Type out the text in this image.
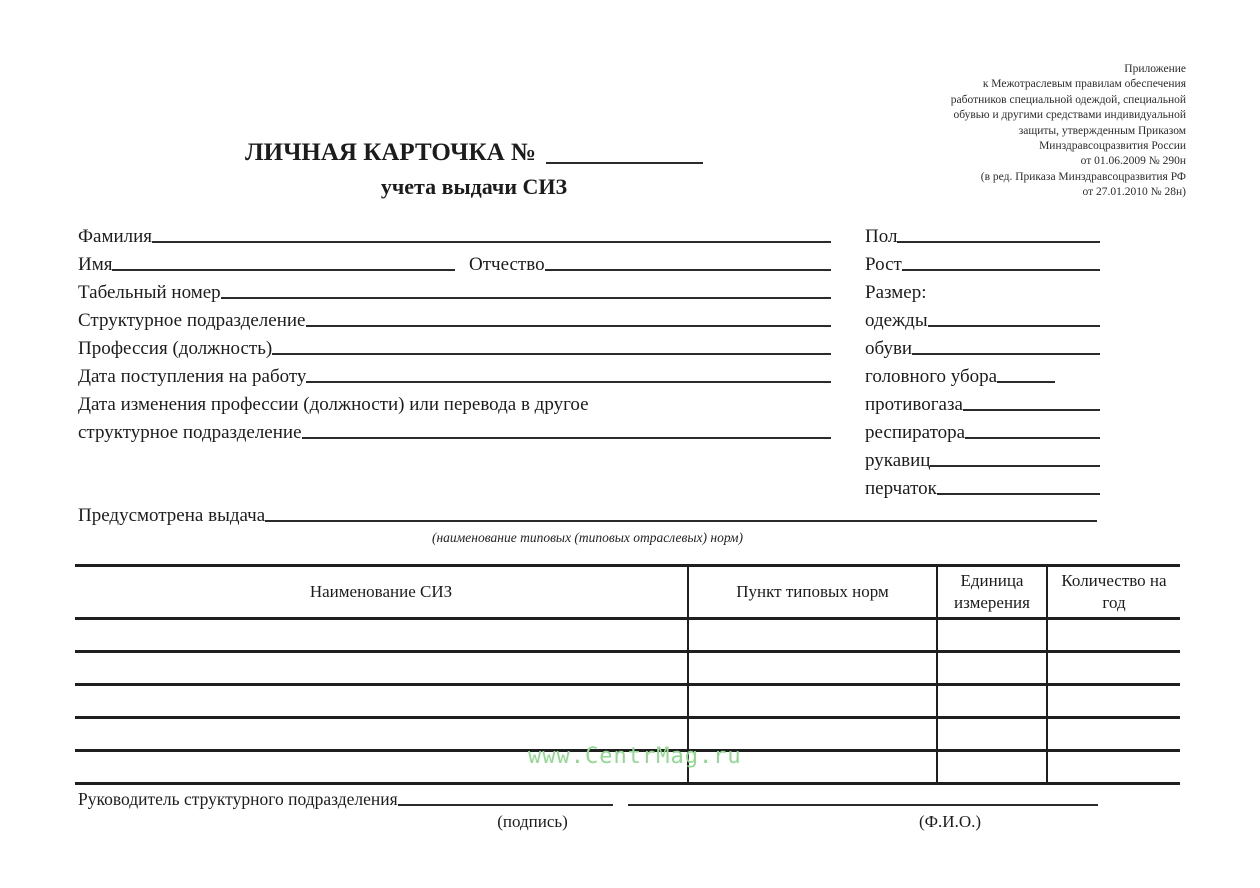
Приложение
к Межотраслевым правилам обеспечения
работников специальной одеждой, специальной
обувью и другими средствами индивидуальной
защиты, утвержденным Приказом
Минздравсоцразвития России
от 01.06.2009 № 290н
(в ред. Приказа Минздравсоцразвития РФ
от 27.01.2010 № 28н)
ЛИЧНАЯ КАРТОЧКА №
учета выдачи СИЗ
Фамилия
Имя	Отчество
Табельный номер
Структурное подразделение
Профессия (должность)
Дата поступления на работу
Дата изменения профессии (должности) или перевода в другое
структурное подразделение
Пол
Рост
Размер:
одежды
обуви
головного убора
противогаза
респиратора
рукавиц
перчаток
Предусмотрена выдача
(наименование типовых (типовых отраслевых) норм)
Наименование СИЗ	Пункт типовых норм	Единица измерения	Количество на год

www.CentrMag.ru
Руководитель структурного подразделения
(подпись)	(Ф.И.О.)
